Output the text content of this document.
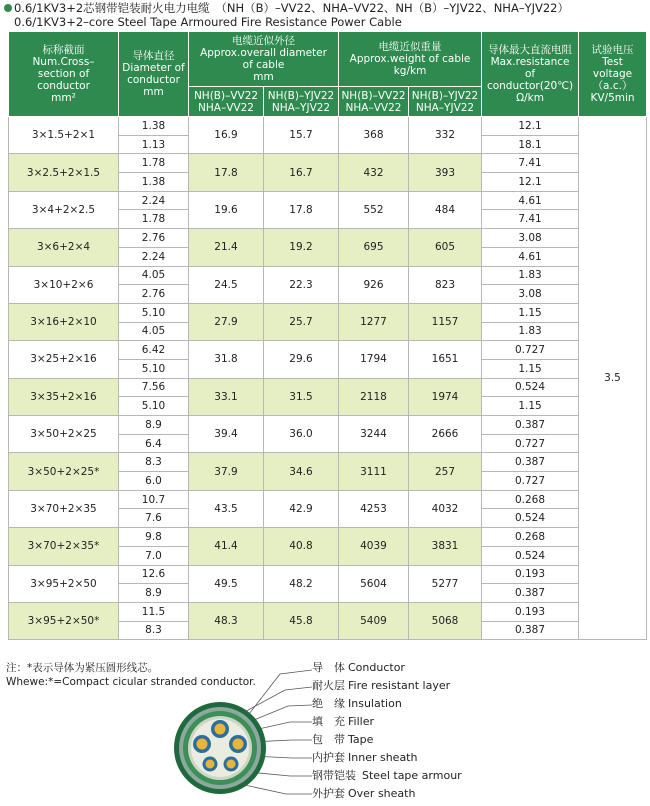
0.6/1KV3+2芯钢带铠装耐火电力电缆　（NH（B）–VV22、NHA–VV22、NH（B）–YJV22、NHA–YJV22）
0.6/1KV3+2–core Steel Tape Armoured Fire Resistance Power Cable
标称截面
Num.Cross–
section of
conductor
mm²	导体直径
Diameter of
conductor
mm	电缆近似外径
Approx.overall diameter
of cable
mm		电缆近似重量
Approx.weight of cable
kg/km		导体最大直流电阻
Max.resistance
of conductor(20℃)
Ω/km	试验电压
Test voltage
（a.c.）
KV/5min
		NH(B)–VV22
NHA–VV22	NH(B)–YJV22
NHA–YJV22	NH(B)–VV22
NHA–VV22	NH(B)–YJV22
NHA–YJV22		
3×1.5+2×1	1.38	16.9	15.7	368	332	12.1	3.5
	1.13					18.1	
3×2.5+2×1.5	1.78	17.8	16.7	432	393	7.41	
	1.38					12.1	
3×4+2×2.5	2.24	19.6	17.8	552	484	4.61	
	1.78					7.41	
3×6+2×4	2.76	21.4	19.2	695	605	3.08	
	2.24					4.61	
3×10+2×6	4.05	24.5	22.3	926	823	1.83	
	2.76					3.08	
3×16+2×10	5.10	27.9	25.7	1277	1157	1.15	
	4.05					1.83	
3×25+2×16	6.42	31.8	29.6	1794	1651	0.727	
	5.10					1.15	
3×35+2×16	7.56	33.1	31.5	2118	1974	0.524	
	5.10					1.15	
3×50+2×25	8.9	39.4	36.0	3244	2666	0.387	
	6.4					0.727	
3×50+2×25*	8.3	37.9	34.6	3111	257	0.387	
	6.0					0.727	
3×70+2×35	10.7	43.5	42.9	4253	4032	0.268	
	7.6					0.524	
3×70+2×35*	9.8	41.4	40.8	4039	3831	0.268	
	7.0					0.524	
3×95+2×50	12.6	49.5	48.2	5604	5277	0.193	
	8.9					0.387	
3×95+2×50*	11.5	48.3	45.8	5409	5068	0.193	
	8.3					0.387	
注：*表示导体为紧压圆形线芯。
Whewe:*=Compact cicular stranded conductor.
导　体 Conductor
耐火层 Fire resistant layer
绝　缘 Insulation
填　充 Filler
包　带 Tape
内护套 Inner sheath
钢带铠装 Steel tape armour
外护套 Over sheath
